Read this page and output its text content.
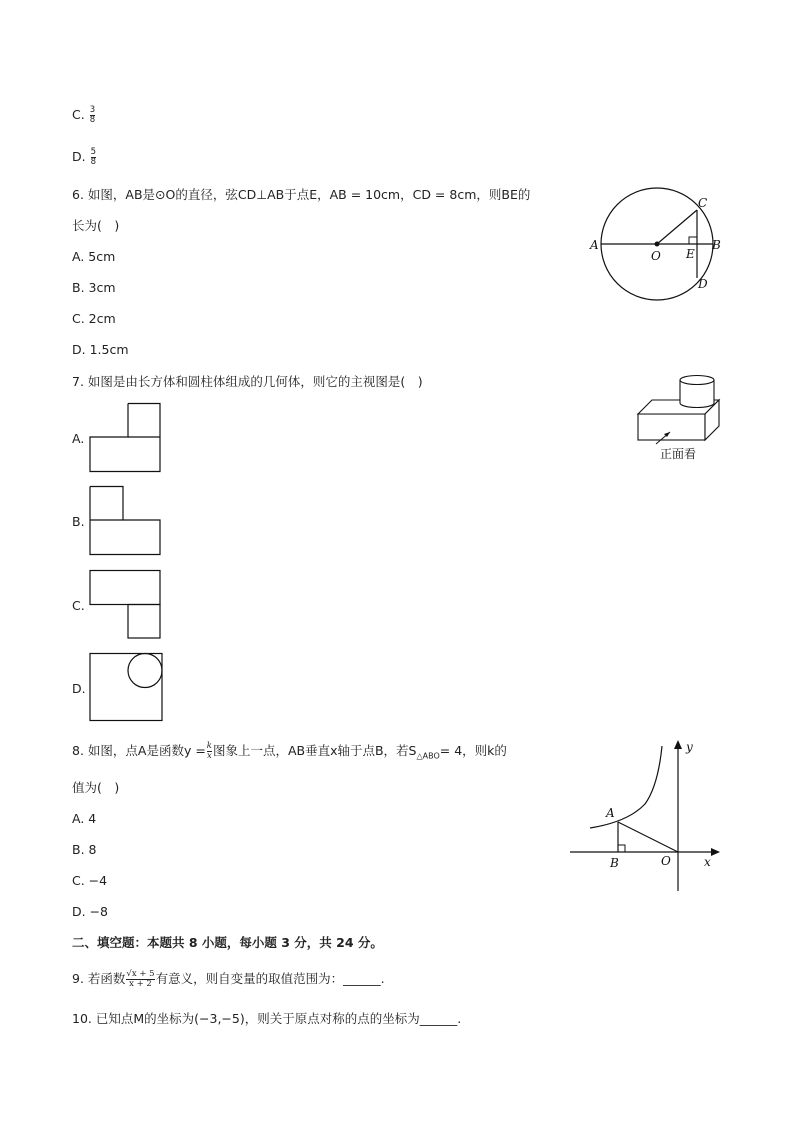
C. $\frac{3}{8}$
D. $\frac{5}{8}$
6. 如图，AB是⊙O的直径，弦CD⊥AB于点E，AB = 10cm，CD = 8cm，则BE的
长为(　)
A. 5cm
B. 3cm
C. 2cm
D. 1.5cm
A
O E
B
C
D
7. 如图是由长方体和圆柱体组成的几何体，则它的主视图是(　)
正面看
A.
B.
C.
D.
8. 如图，点A是函数$y = \frac{k}{x}$ 图象上一点，AB垂直x轴于点B，若$S_{\triangle ABO}= 4$，则k的
值为(　)
A. 4
B. 8
C. −4
D. −8
y
A
B	O	x
二、填空题：本题共 8 小题，每小题 3 分，共 24 分。
9. 若函数 $\frac{√x + 5}{x + 2}$ 有意义，则自变量的取值范围为：______.
10. 已知点M的坐标为(−3,−5)，则关于原点对称的点的坐标为______.
